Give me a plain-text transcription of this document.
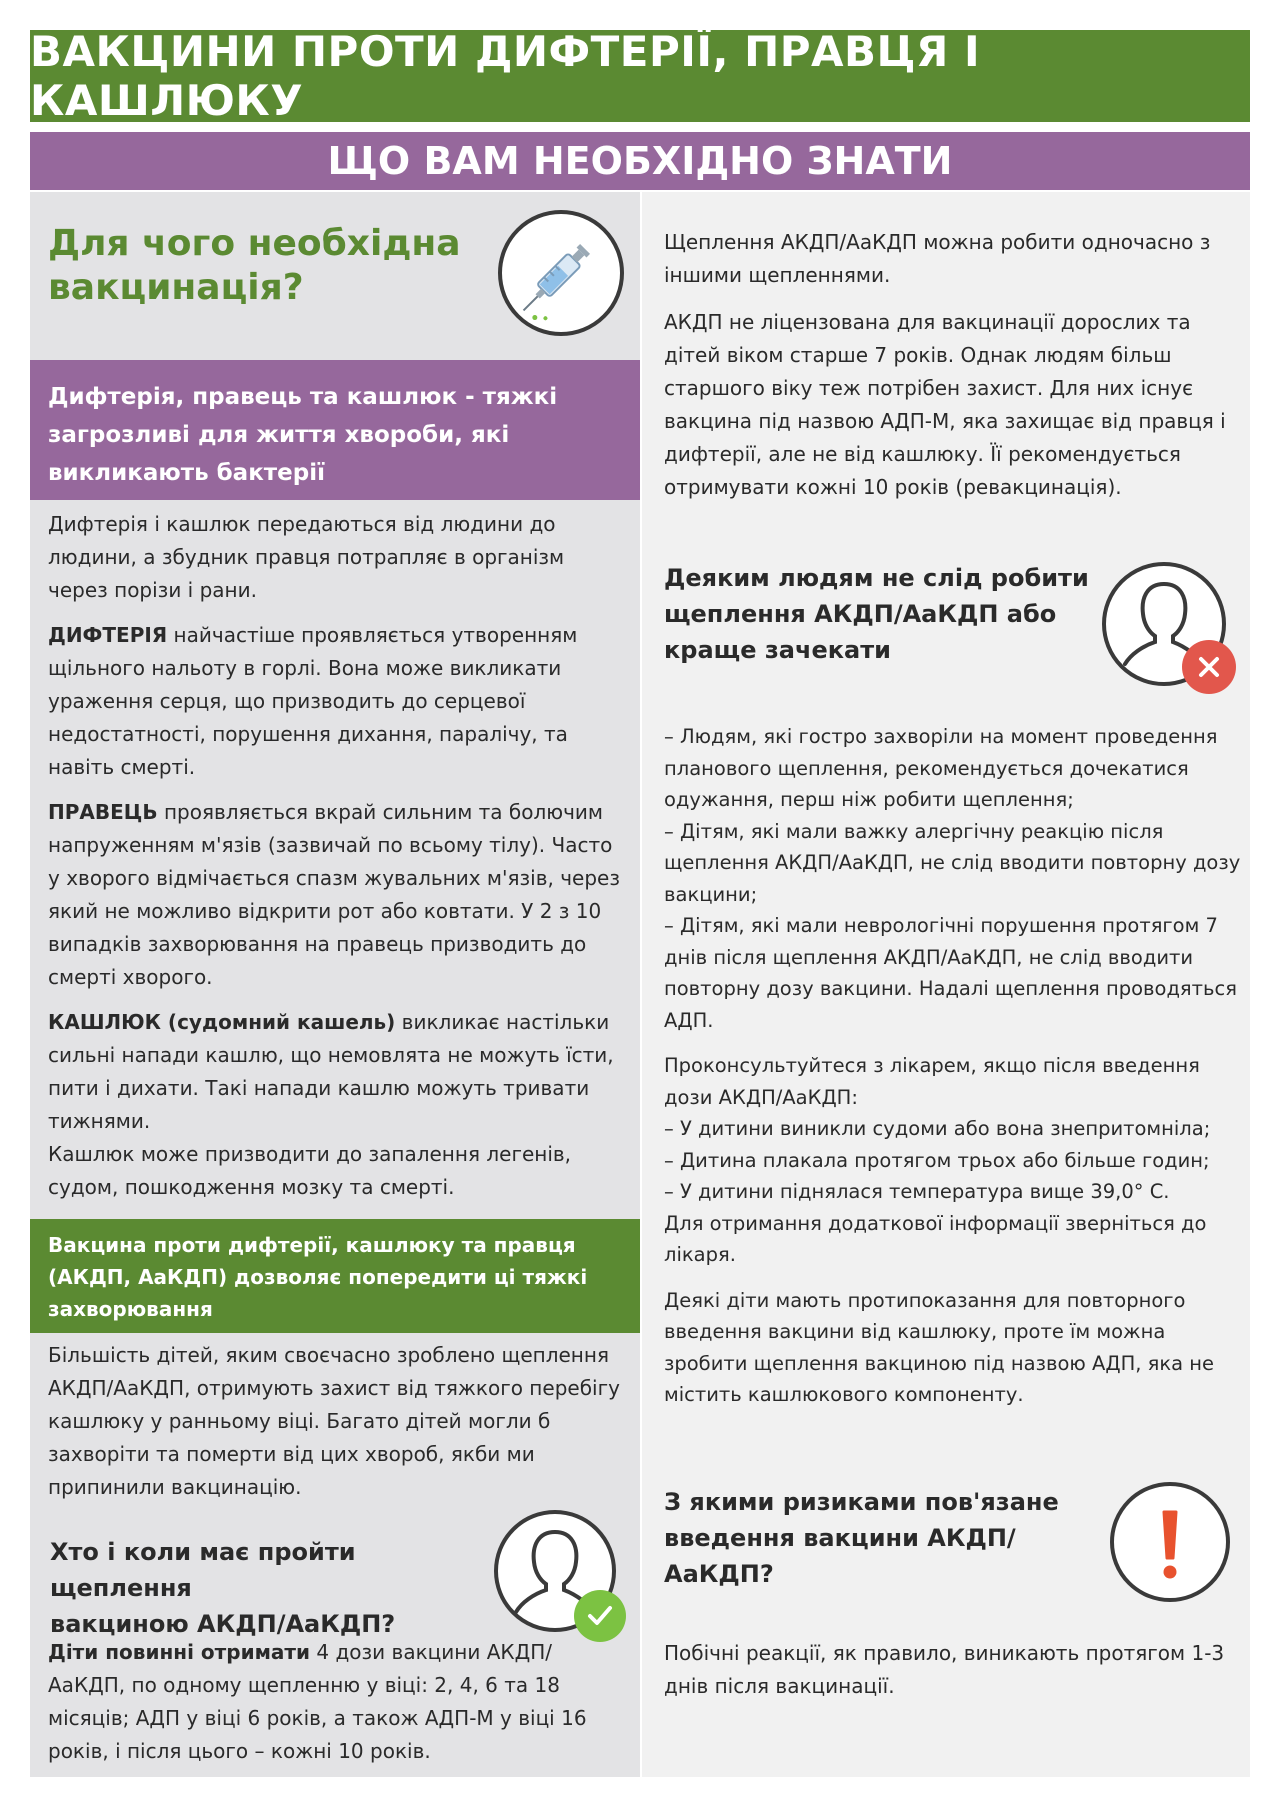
ВАКЦИНИ ПРОТИ ДИФТЕРІЇ, ПРАВЦЯ І КАШЛЮКУ
ЩО ВАМ НЕОБХІДНО ЗНАТИ
Для чого необхідна
вакцинація?
Дифтерія, правець та кашлюк - тяжкі загрозливі для життя хвороби, які викликають бактерії

Дифтерія і кашлюк передаються від людини до людини, а збудник правця потрапляє в організм через порізи і рани.

ДИФТЕРІЯ найчастіше проявляється утворенням щільного нальоту в горлі. Вона може викликати ураження серця, що призводить до серцевої недостатності, порушення дихання, паралічу, та навіть смерті.

ПРАВЕЦЬ проявляється вкрай сильним та болючим напруженням м'язів (зазвичай по всьому тілу). Часто у хворого відмічається спазм жувальних м'язів, через який не можливо відкрити рот або ковтати. У 2 з 10 випадків захворювання на правець призводить до смерті хворого.

КАШЛЮК (судомний кашель) викликає настільки сильні напади кашлю, що немовлята не можуть їсти, пити і дихати. Такі напади кашлю можуть тривати тижнями.

Кашлюк може призводити до запалення легенів, судом, пошкодження мозку та смерті.

Вакцина проти дифтерії, кашлюку та правця (АКДП, АаКДП) дозволяє попередити ці тяжкі захворювання
Більшість дітей, яким своєчасно зроблено щеплення АКДП/АаКДП, отримують захист від тяжкого перебігу кашлюку у ранньому віці. Багато дітей могли б захворіти та померти від цих хвороб, якби ми припинили вакцинацію.
Хто і коли має пройти щеплення
вакциною АКДП/АаКДП?
Діти повинні отримати 4 дози вакцини АКДП/АаКДП, по одному щепленню у віці: 2, 4, 6 та 18 місяців; АДП у віці 6 років, а також АДП-М у віці 16 років, і після цього – кожні 10 років.

Щеплення АКДП/АаКДП можна робити одночасно з іншими щепленнями.

АКДП не ліцензована для вакцинації дорослих та дітей віком старше 7 років. Однак людям більш старшого віку теж потрібен захист. Для них існує вакцина під назвою АДП-М, яка захищає від правця і дифтерії, але не від кашлюку. Її рекомендується отримувати кожні 10 років (ревакцинація).

Деяким людям не слід робити
щеплення АКДП/АаКДП або
краще зачекати

– Людям, які гостро захворіли на момент проведення планового щеплення, рекомендується дочекатися одужання, перш ніж робити щеплення;

– Дітям, які мали важку алергічну реакцію після щеплення АКДП/АаКДП, не слід вводити повторну дозу вакцини;

– Дітям, які мали неврологічні порушення протягом 7 днів після щеплення АКДП/АаКДП, не слід вводити повторну дозу вакцини. Надалі щеплення проводяться АДП.

Проконсультуйтеся з лікарем, якщо після введення дози АКДП/АаКДП:

– У дитини виникли судоми або вона знепритомніла;

– Дитина плакала протягом трьох або більше годин;

– У дитини піднялася температура вище 39,0° С.

Для отримання додаткової інформації зверніться до лікаря.

Деякі діти мають протипоказання для повторного введення вакцини від кашлюку, проте їм можна зробити щеплення вакциною під назвою АДП, яка не містить кашлюкового компоненту.

З якими ризиками пов'язане
введення вакцини АКДП/АаКДП?
Побічні реакції, як правило, виникають протягом 1-3 днів після вакцинації.
